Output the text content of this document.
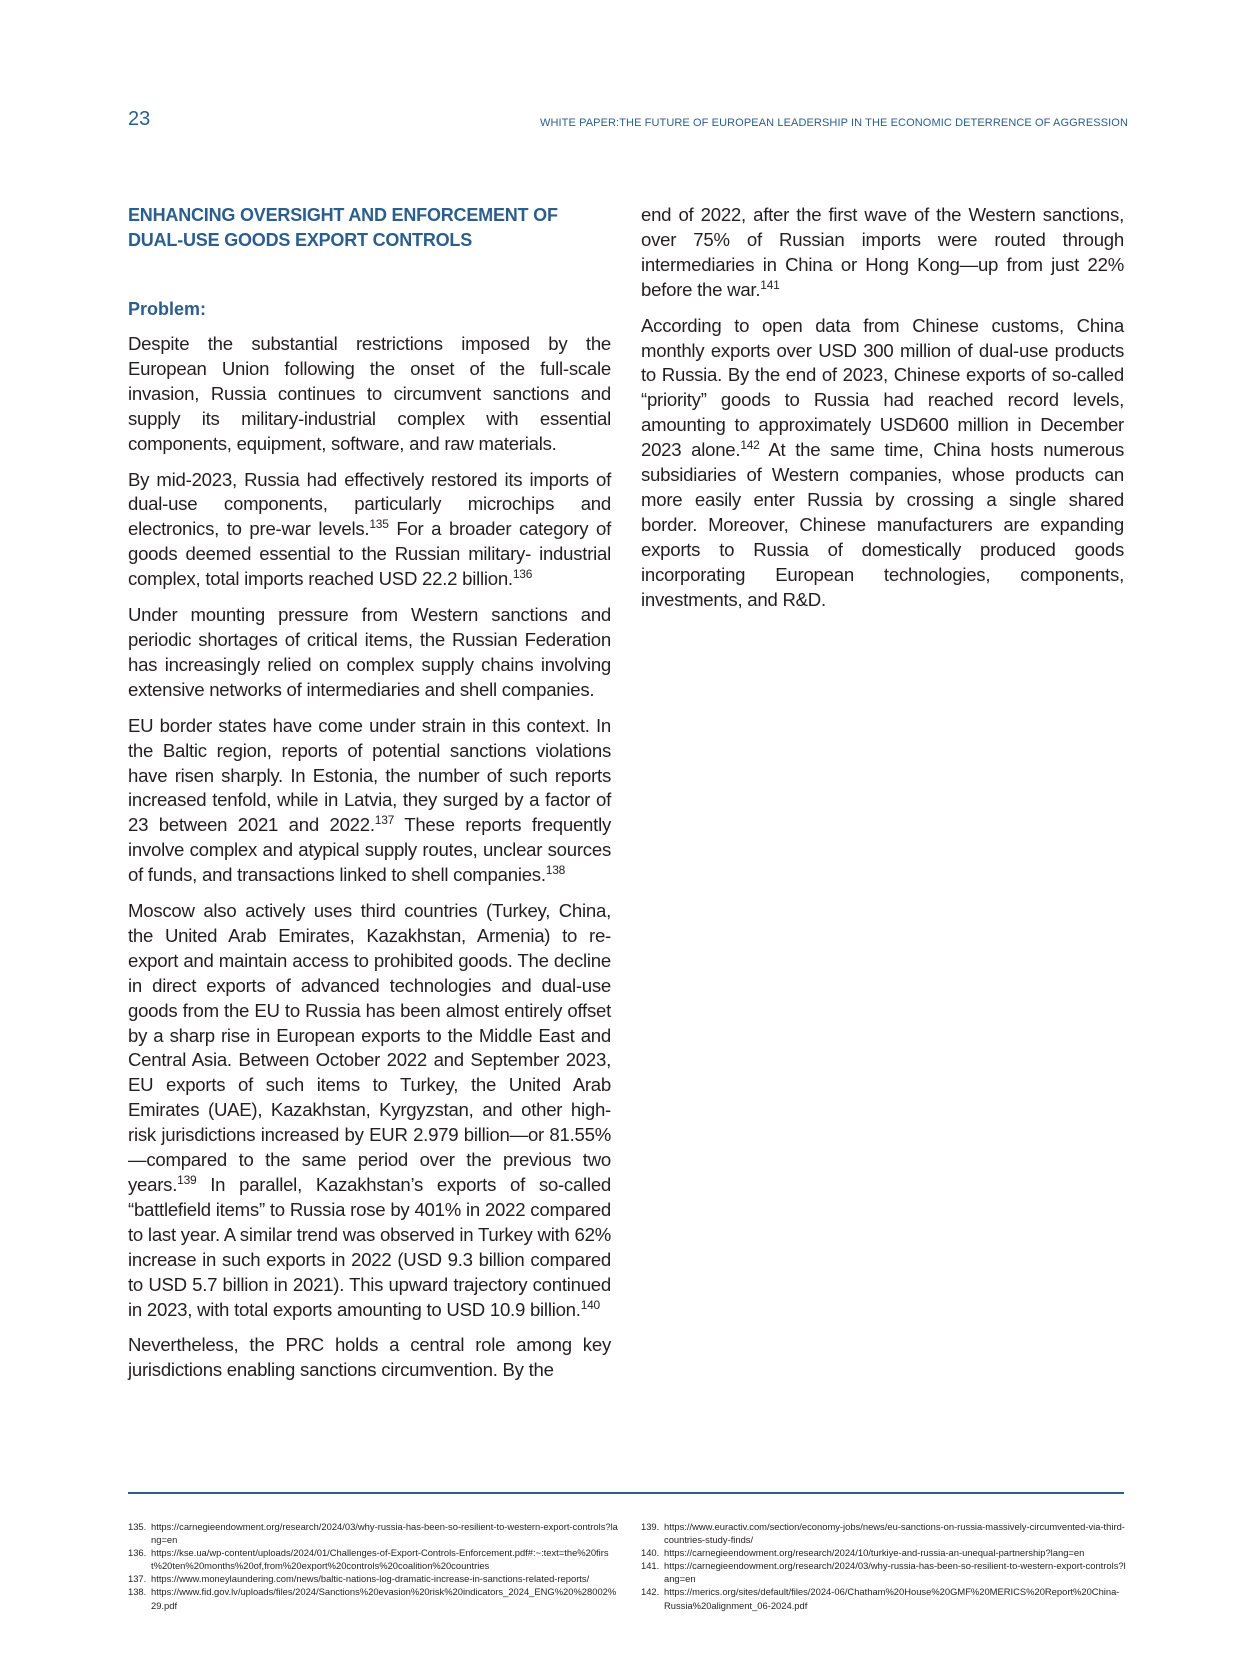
23	WHITE PAPER:THE FUTURE OF EUROPEAN LEADERSHIP IN THE ECONOMIC DETERRENCE OF AGGRESSION
ENHANCING OVERSIGHT AND ENFORCEMENT OF DUAL-USE GOODS EXPORT CONTROLS
Problem:

Despite the substantial restrictions imposed by the European Union following the onset of the full-scale invasion, Russia continues to circumvent sanctions and supply its military-industrial complex with essential components, equipment, software, and raw materials.

By mid-2023, Russia had effectively restored its imports of dual-use components, particularly microchips and electronics, to pre-war levels.$^{135}$ For a broader category of goods deemed essential to the Russian military- industrial complex, total imports reached USD 22.2 billion.$^{136}$

Under mounting pressure from Western sanctions and periodic shortages of critical items, the Russian Federation has increasingly relied on complex supply chains involving extensive networks of intermediaries and shell companies.

EU border states have come under strain in this context. In the Baltic region, reports of potential sanctions violations have risen sharply. In Estonia, the number of such reports increased tenfold, while in Latvia, they surged by a factor of 23 between 2021 and 2022.$^{137}$ These reports frequently involve complex and atypical supply routes, unclear sources of funds, and transactions linked to shell companies.$^{138}$

Moscow also actively uses third countries (Turkey, China, the United Arab Emirates, Kazakhstan, Armenia) to re-export and maintain access to prohibited goods. The decline in direct exports of advanced technologies and dual-use goods from the EU to Russia has been almost entirely offset by a sharp rise in European exports to the Middle East and Central Asia. Between October 2022 and September 2023, EU exports of such items to Turkey, the United Arab Emirates (UAE), Kazakhstan, Kyrgyzstan, and other high-risk jurisdictions increased by EUR 2.979 billion—or 81.55%—compared to the same period over the previous two years.$^{139}$ In parallel, Kazakhstan’s exports of so-called “battlefield items” to Russia rose by 401% in 2022 compared to last year. A similar trend was observed in Turkey with 62% increase in such exports in 2022 (USD 9.3 billion compared to USD 5.7 billion in 2021). This upward trajectory continued in 2023, with total exports amounting to USD 10.9 billion.$^{140}$

Nevertheless, the PRC holds a central role among key jurisdictions enabling sanctions circumvention. By the

end of 2022, after the first wave of the Western sanctions, over 75% of Russian imports were routed through intermediaries in China or Hong Kong—up from just 22% before the war.$^{141}$

According to open data from Chinese customs, China monthly exports over USD 300 million of dual-use products to Russia. By the end of 2023, Chinese exports of so-called “priority” goods to Russia had reached record levels, amounting to approximately USD600 million in December 2023 alone.$^{142}$ At the same time, China hosts numerous subsidiaries of Western companies, whose products can more easily enter Russia by crossing a single shared border. Moreover, Chinese manufacturers are expanding exports to Russia of domestically produced goods incorporating European technologies, components, investments, and R&D.

135. https://carnegieendowment.org/research/2024/03/why-russia-has-been-so-resilient-to-western-export-controls?lang=en
136. https://kse.ua/wp-content/uploads/2024/01/Challenges-of-Export-Controls-Enforcement.pdf#:~:text=the%20first%20ten%20months%20of,from%20export%20controls%20coalition%20countries
137. https://www.moneylaundering.com/news/baltic-nations-log-dramatic-increase-in-sanctions-related-reports/
138. https://www.fid.gov.lv/uploads/files/2024/Sanctions%20evasion%20risk%20indicators_2024_ENG%20%28002%29.pdf
139. https://www.euractiv.com/section/economy-jobs/news/eu-sanctions-on-russia-massively-circumvented-via-third-countries-study-finds/
140. https://carnegieendowment.org/research/2024/10/turkiye-and-russia-an-unequal-partnership?lang=en
141. https://carnegieendowment.org/research/2024/03/why-russia-has-been-so-resilient-to-western-export-controls?lang=en
142. https://merics.org/sites/default/files/2024-06/Chatham%20House%20GMF%20MERICS%20Report%20China-Russia%20alignment_06-2024.pdf
